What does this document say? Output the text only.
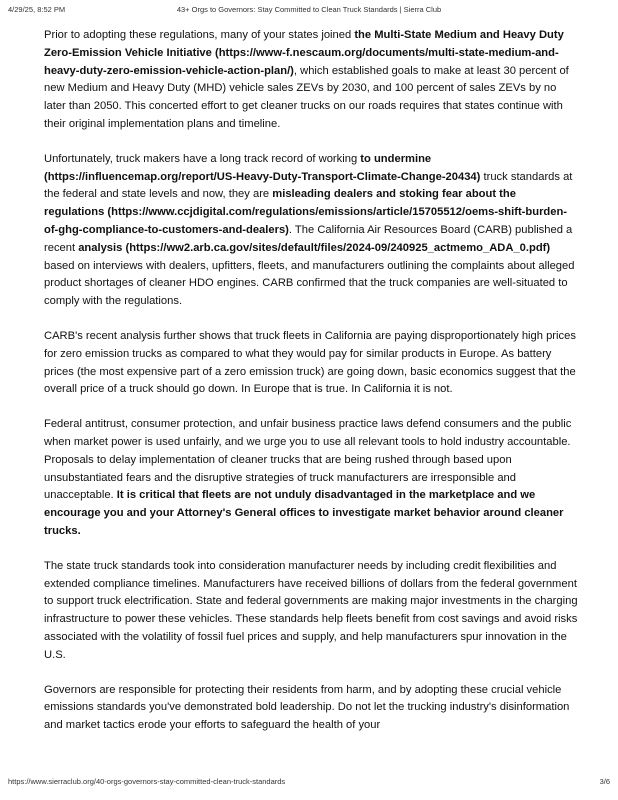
4/29/25, 8:52 PM	43+ Orgs to Governors: Stay Committed to Clean Truck Standards | Sierra Club

Prior to adopting these regulations, many of your states joined the Multi-State Medium and Heavy Duty Zero-Emission Vehicle Initiative (https://www-f.nescaum.org/documents/multi-state-medium-and-heavy-duty-zero-emission-vehicle-action-plan/), which established goals to make at least 30 percent of new Medium and Heavy Duty (MHD) vehicle sales ZEVs by 2030, and 100 percent of sales ZEVs by no later than 2050. This concerted effort to get cleaner trucks on our roads requires that states continue with their original implementation plans and timeline.

Unfortunately, truck makers have a long track record of working to undermine (https://influencemap.org/report/US-Heavy-Duty-Transport-Climate-Change-20434) truck standards at the federal and state levels and now, they are misleading dealers and stoking fear about the regulations (https://www.ccjdigital.com/regulations/emissions/article/15705512/oems-shift-burden-of-ghg-compliance-to-customers-and-dealers). The California Air Resources Board (CARB) published a recent analysis (https://ww2.arb.ca.gov/sites/default/files/2024-09/240925_actmemo_ADA_0.pdf) based on interviews with dealers, upfitters, fleets, and manufacturers outlining the complaints about alleged product shortages of cleaner HDO engines. CARB confirmed that the truck companies are well-situated to comply with the regulations.

CARB's recent analysis further shows that truck fleets in California are paying disproportionately high prices for zero emission trucks as compared to what they would pay for similar products in Europe. As battery prices (the most expensive part of a zero emission truck) are going down, basic economics suggest that the overall price of a truck should go down. In Europe that is true. In California it is not.

Federal antitrust, consumer protection, and unfair business practice laws defend consumers and the public when market power is used unfairly, and we urge you to use all relevant tools to hold industry accountable. Proposals to delay implementation of cleaner trucks that are being rushed through based upon unsubstantiated fears and the disruptive strategies of truck manufacturers are irresponsible and unacceptable. It is critical that fleets are not unduly disadvantaged in the marketplace and we encourage you and your Attorney's General offices to investigate market behavior around cleaner trucks.

The state truck standards took into consideration manufacturer needs by including credit flexibilities and extended compliance timelines. Manufacturers have received billions of dollars from the federal government to support truck electrification. State and federal governments are making major investments in the charging infrastructure to power these vehicles. These standards help fleets benefit from cost savings and avoid risks associated with the volatility of fossil fuel prices and supply, and help manufacturers spur innovation in the U.S.

Governors are responsible for protecting their residents from harm, and by adopting these crucial vehicle emissions standards you've demonstrated bold leadership. Do not let the trucking industry's disinformation and market tactics erode your efforts to safeguard the health of your

https://www.sierraclub.org/40-orgs-governors-stay-committed-clean-truck-standards	3/6
